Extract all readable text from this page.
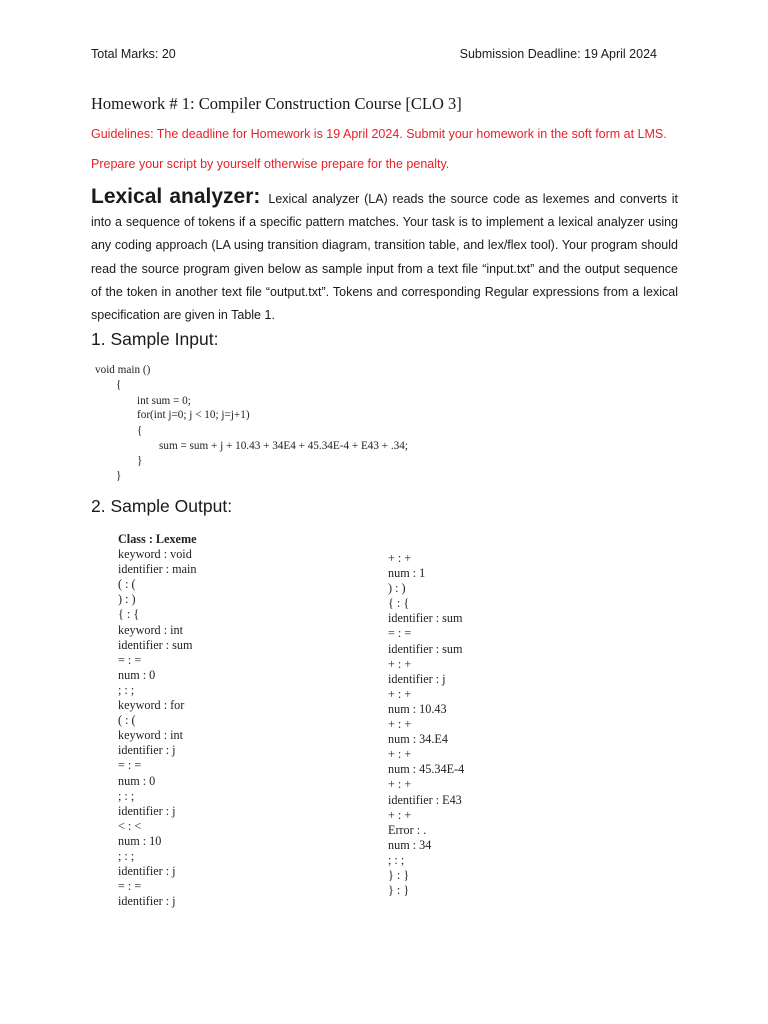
Total Marks: 20	Submission Deadline: 19 April 2024
Homework # 1: Compiler Construction Course [CLO 3]
Guidelines: The deadline for Homework is 19 April 2024. Submit your homework in the soft form at LMS.
Prepare your script by yourself otherwise prepare for the penalty.
Lexical analyzer: Lexical analyzer (LA) reads the source code as lexemes and converts it into a sequence of tokens if a specific pattern matches. Your task is to implement a lexical analyzer using any coding approach (LA using transition diagram, transition table, and lex/flex tool). Your program should read the source program given below as sample input from a text file “input.txt” and the output sequence of the token in another text file “output.txt”. Tokens and corresponding Regular expressions from a lexical specification are given in Table 1.
1. Sample Input:
void main ()
{
int sum = 0;
for(int j=0; j < 10; j=j+1)
{
sum = sum + j + 10.43 + 34E4 + 45.34E-4 + E43 + .34;
}
}
2. Sample Output:
Class : Lexeme
keyword : void
identifier : main
( : (
) : )
{ : {
keyword : int
identifier : sum
= : =
num : 0
; : ;
keyword : for
( : (
keyword : int
identifier : j
= : =
num : 0
; : ;
identifier : j
< : <
num : 10
; : ;
identifier : j
= : =
identifier : j
+ : +
num : 1
) : )
{ : {
identifier : sum
= : =
identifier : sum
+ : +
identifier : j
+ : +
num : 10.43
+ : +
num : 34.E4
+ : +
num : 45.34E-4
+ : +
identifier : E43
+ : +
Error : .
num : 34
; : ;
} : }
} : }
